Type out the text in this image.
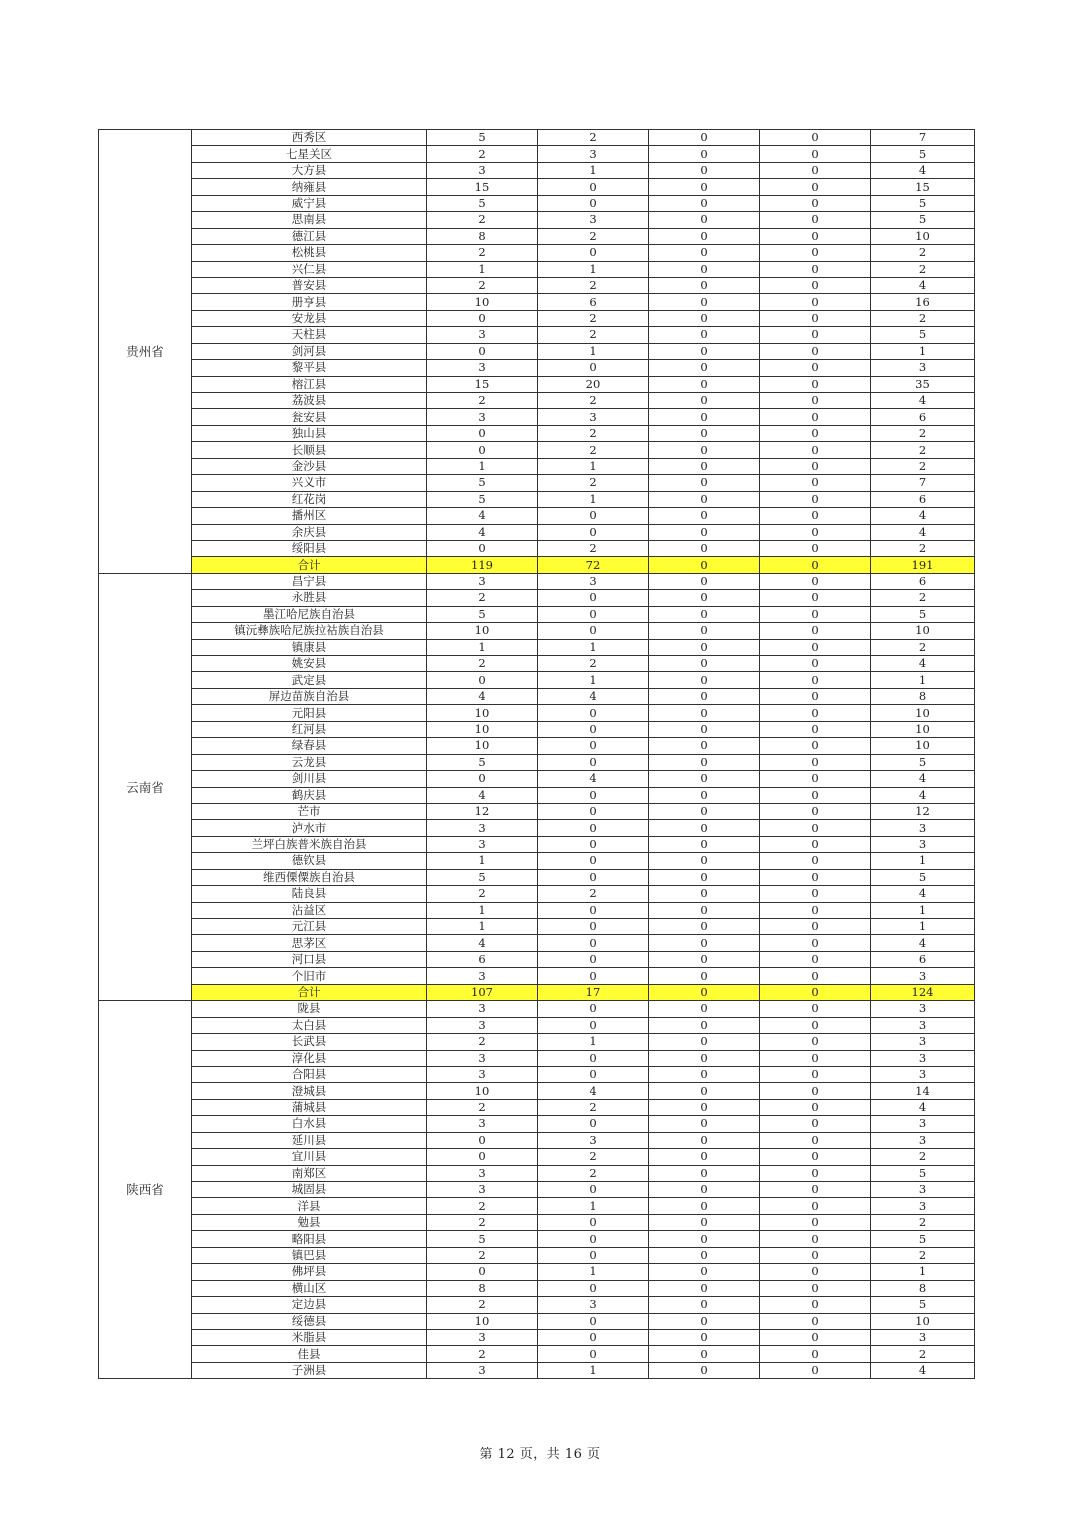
贵州省	西秀区	5	2	0	0	7
	七星关区	2	3	0	0	5
	大方县	3	1	0	0	4
	纳雍县	15	0	0	0	15
	威宁县	5	0	0	0	5
	思南县	2	3	0	0	5
	德江县	8	2	0	0	10
	松桃县	2	0	0	0	2
	兴仁县	1	1	0	0	2
	普安县	2	2	0	0	4
	册亨县	10	6	0	0	16
	安龙县	0	2	0	0	2
	天柱县	3	2	0	0	5
	剑河县	0	1	0	0	1
	黎平县	3	0	0	0	3
	榕江县	15	20	0	0	35
	荔波县	2	2	0	0	4
	瓮安县	3	3	0	0	6
	独山县	0	2	0	0	2
	长顺县	0	2	0	0	2
	金沙县	1	1	0	0	2
	兴义市	5	2	0	0	7
	红花岗	5	1	0	0	6
	播州区	4	0	0	0	4
	余庆县	4	0	0	0	4
	绥阳县	0	2	0	0	2
	合计	119	72	0	0	191
云南省	昌宁县	3	3	0	0	6
	永胜县	2	0	0	0	2
	墨江哈尼族自治县	5	0	0	0	5
	镇沅彝族哈尼族拉祜族自治县	10	0	0	0	10
	镇康县	1	1	0	0	2
	姚安县	2	2	0	0	4
	武定县	0	1	0	0	1
	屏边苗族自治县	4	4	0	0	8
	元阳县	10	0	0	0	10
	红河县	10	0	0	0	10
	绿春县	10	0	0	0	10
	云龙县	5	0	0	0	5
	剑川县	0	4	0	0	4
	鹤庆县	4	0	0	0	4
	芒市	12	0	0	0	12
	泸水市	3	0	0	0	3
	兰坪白族普米族自治县	3	0	0	0	3
	德钦县	1	0	0	0	1
	维西傈僳族自治县	5	0	0	0	5
	陆良县	2	2	0	0	4
	沾益区	1	0	0	0	1
	元江县	1	0	0	0	1
	思茅区	4	0	0	0	4
	河口县	6	0	0	0	6
	个旧市	3	0	0	0	3
	合计	107	17	0	0	124
陕西省	陇县	3	0	0	0	3
	太白县	3	0	0	0	3
	长武县	2	1	0	0	3
	淳化县	3	0	0	0	3
	合阳县	3	0	0	0	3
	澄城县	10	4	0	0	14
	蒲城县	2	2	0	0	4
	白水县	3	0	0	0	3
	延川县	0	3	0	0	3
	宜川县	0	2	0	0	2
	南郑区	3	2	0	0	5
	城固县	3	0	0	0	3
	洋县	2	1	0	0	3
	勉县	2	0	0	0	2
	略阳县	5	0	0	0	5
	镇巴县	2	0	0	0	2
	佛坪县	0	1	0	0	1
	横山区	8	0	0	0	8
	定边县	2	3	0	0	5
	绥德县	10	0	0	0	10
	米脂县	3	0	0	0	3
	佳县	2	0	0	0	2
	子洲县	3	1	0	0	4
第 12 页，共 16 页
